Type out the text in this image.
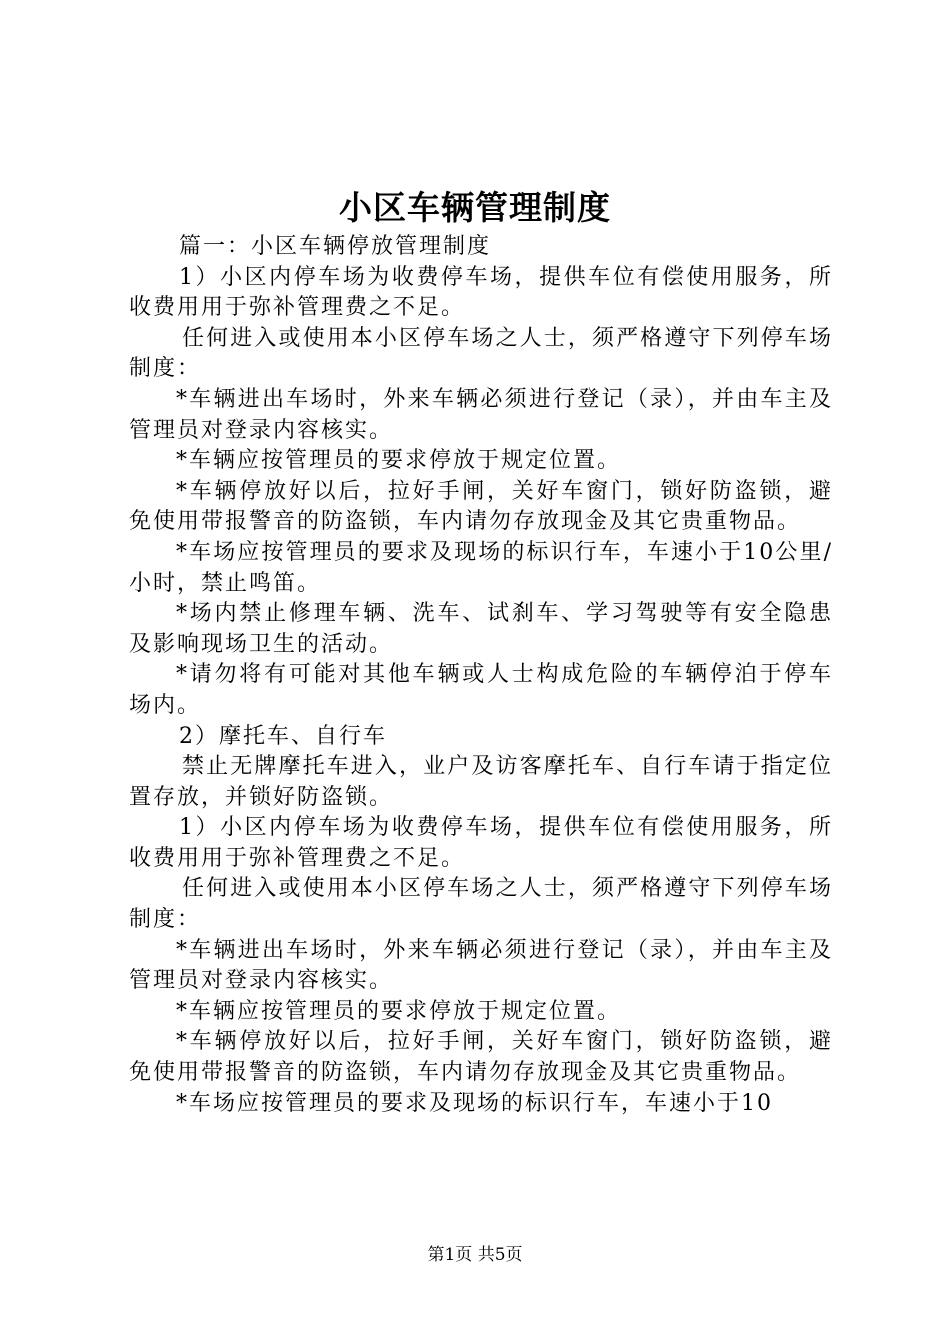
小区车辆管理制度

篇一：小区车辆停放管理制度

1）小区内停车场为收费停车场，提供车位有偿使用服务，所收费用用于弥补管理费之不足。

任何进入或使用本小区停车场之人士，须严格遵守下列停车场制度：

*车辆进出车场时，外来车辆必须进行登记（录），并由车主及管理员对登录内容核实。

*车辆应按管理员的要求停放于规定位置。

*车辆停放好以后，拉好手闸，关好车窗门，锁好防盗锁，避免使用带报警音的防盗锁，车内请勿存放现金及其它贵重物品。

*车场应按管理员的要求及现场的标识行车，车速小于10公里/小时，禁止鸣笛。

*场内禁止修理车辆、洗车、试刹车、学习驾驶等有安全隐患及影响现场卫生的活动。

*请勿将有可能对其他车辆或人士构成危险的车辆停泊于停车场内。

2）摩托车、自行车

禁止无牌摩托车进入，业户及访客摩托车、自行车请于指定位置存放，并锁好防盗锁。

1）小区内停车场为收费停车场，提供车位有偿使用服务，所收费用用于弥补管理费之不足。

任何进入或使用本小区停车场之人士，须严格遵守下列停车场制度：

*车辆进出车场时，外来车辆必须进行登记（录），并由车主及管理员对登录内容核实。

*车辆应按管理员的要求停放于规定位置。

*车辆停放好以后，拉好手闸，关好车窗门，锁好防盗锁，避免使用带报警音的防盗锁，车内请勿存放现金及其它贵重物品。

*车场应按管理员的要求及现场的标识行车，车速小于10

第1页 共5页
